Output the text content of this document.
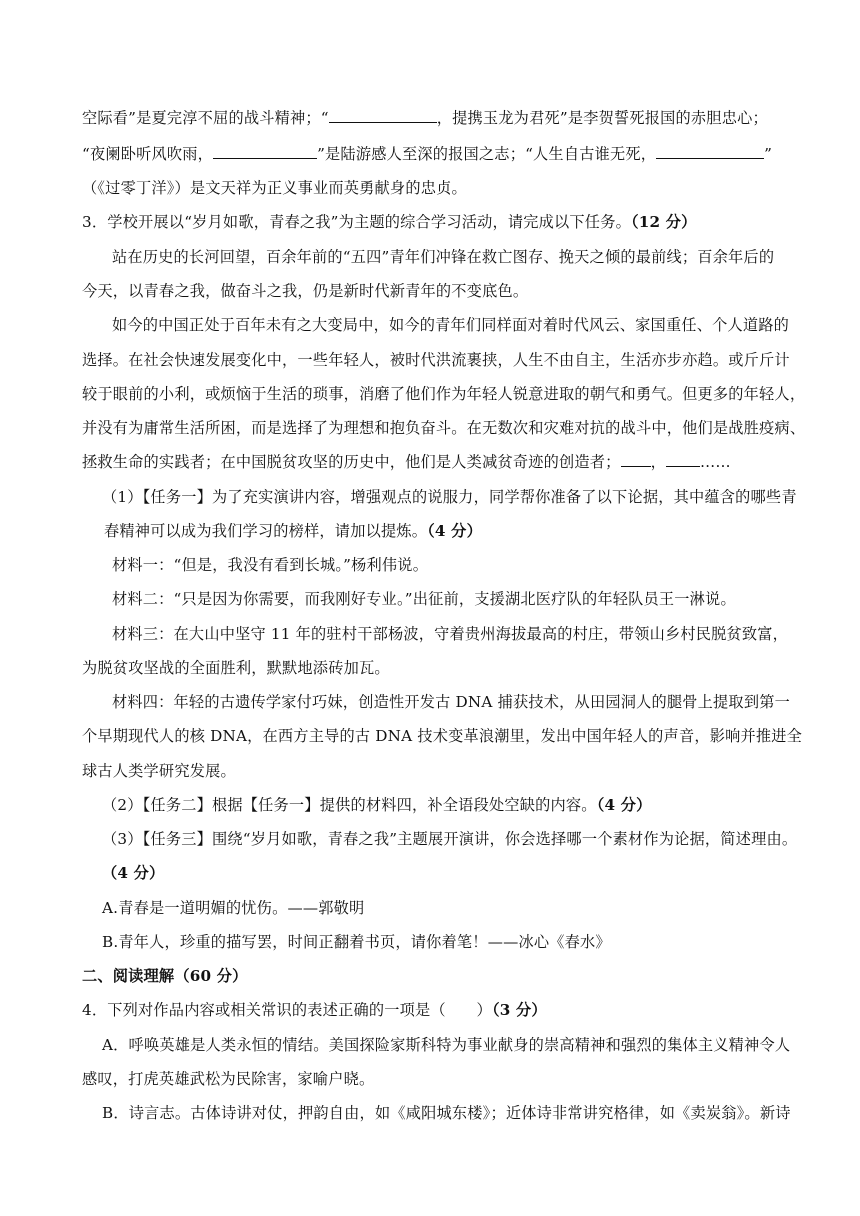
空际看”是夏完淳不屈的战斗精神；“	，提携玉龙为君死”是李贺誓死报国的赤胆忠心；
“夜阑卧听风吹雨，	”是陆游感人至深的报国之志；“人生自古谁无死，	”
（《过零丁洋》）是文天祥为正义事业而英勇献身的忠贞。
3．学校开展以“岁月如歌，青春之我”为主题的综合学习活动，请完成以下任务。（12 分）
站在历史的长河回望，百余年前的“五四”青年们冲锋在救亡图存、挽天之倾的最前线；百余年后的
今天，以青春之我，做奋斗之我，仍是新时代新青年的不变底色。
如今的中国正处于百年未有之大变局中，如今的青年们同样面对着时代风云、家国重任、个人道路的
选择。在社会快速发展变化中，一些年轻人，被时代洪流裹挟，人生不由自主，生活亦步亦趋。或斤斤计
较于眼前的小利，或烦恼于生活的琐事，消磨了他们作为年轻人锐意进取的朝气和勇气。但更多的年轻人，
并没有为庸常生活所困，而是选择了为理想和抱负奋斗。在无数次和灾难对抗的战斗中，他们是战胜疫病、
拯救生命的实践者；在中国脱贫攻坚的历史中，他们是人类减贫奇迹的创造者； ， ……
（1）【任务一】为了充实演讲内容，增强观点的说服力，同学帮你准备了以下论据，其中蕴含的哪些青
春精神可以成为我们学习的榜样，请加以提炼。（4 分）
材料一：“但是，我没有看到长城。”杨利伟说。
材料二：“只是因为你需要，而我刚好专业。”出征前，支援湖北医疗队的年轻队员王一淋说。
材料三：在大山中坚守 11 年的驻村干部杨波，守着贵州海拔最高的村庄，带领山乡村民脱贫致富，
为脱贫攻坚战的全面胜利，默默地添砖加瓦。
材料四：年轻的古遗传学家付巧妹，创造性开发古 DNA 捕获技术，从田园洞人的腿骨上提取到第一
个早期现代人的核 DNA，在西方主导的古 DNA 技术变革浪潮里，发出中国年轻人的声音，影响并推进全
球古人类学研究发展。
（2）【任务二】根据【任务一】提供的材料四，补全语段处空缺的内容。（4 分）
（3）【任务三】围绕“岁月如歌，青春之我”主题展开演讲，你会选择哪一个素材作为论据，简述理由。
（4 分）
A.青春是一道明媚的忧伤。——郭敬明
B.青年人，珍重的描写罢，时间正翻着书页，请你着笔！——冰心《春水》
二、阅读理解（60 分）
4．下列对作品内容或相关常识的表述正确的一项是（　　）（3 分）
A．呼唤英雄是人类永恒的情结。美国探险家斯科特为事业献身的崇高精神和强烈的集体主义精神令人
感叹，打虎英雄武松为民除害，家喻户晓。
B．诗言志。古体诗讲对仗，押韵自由，如《咸阳城东楼》；近体诗非常讲究格律，如《卖炭翁》。新诗
